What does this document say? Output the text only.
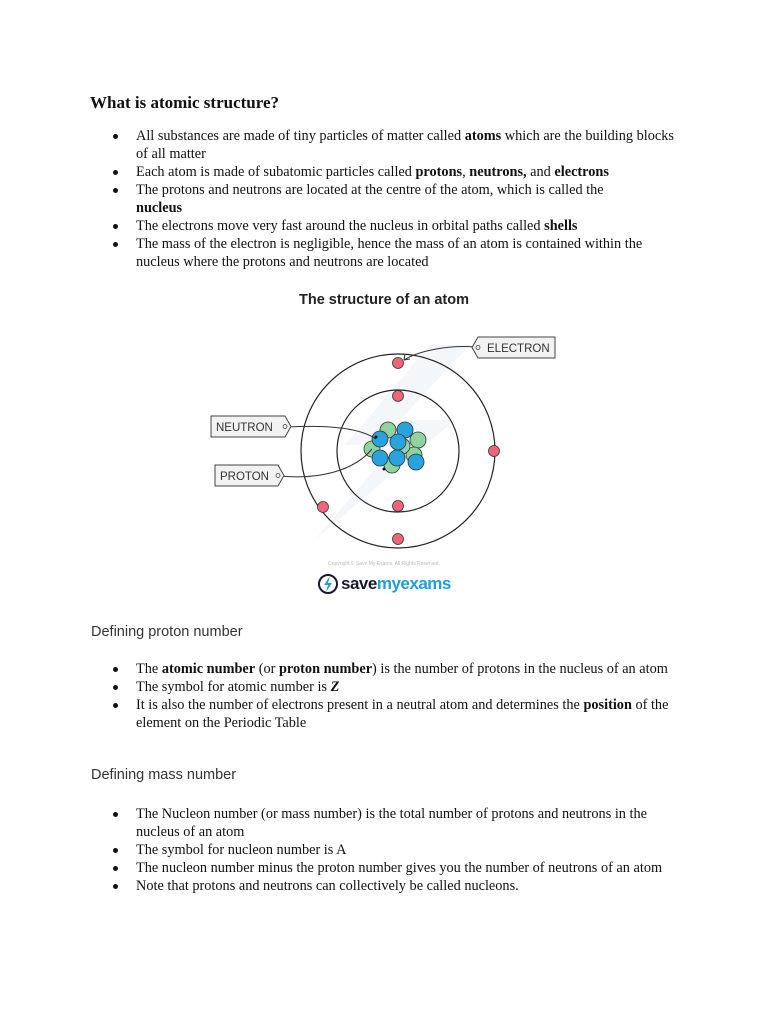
What is atomic structure?
All substances are made of tiny particles of matter called atoms which are the building blocks of all matter
Each atom is made of subatomic particles called protons, neutrons, and electrons
The protons and neutrons are located at the centre of the atom, which is called the nucleus
The electrons move very fast around the nucleus in orbital paths called shells
The mass of the electron is negligible, hence the mass of an atom is contained within the nucleus where the protons and neutrons are located
The structure of an atom
ELECTRON
NEUTRON
PROTON
Copyright © Save My Exams. All Rights Reserved.
savemyexams
Defining proton number
The atomic number (or proton number) is the number of protons in the nucleus of an atom
The symbol for atomic number is Z
It is also the number of electrons present in a neutral atom and determines the position of the element on the Periodic Table
Defining mass number
The Nucleon number (or mass number) is the total number of protons and neutrons in the nucleus of an atom
The symbol for nucleon number is A
The nucleon number minus the proton number gives you the number of neutrons of an atom
Note that protons and neutrons can collectively be called nucleons.
